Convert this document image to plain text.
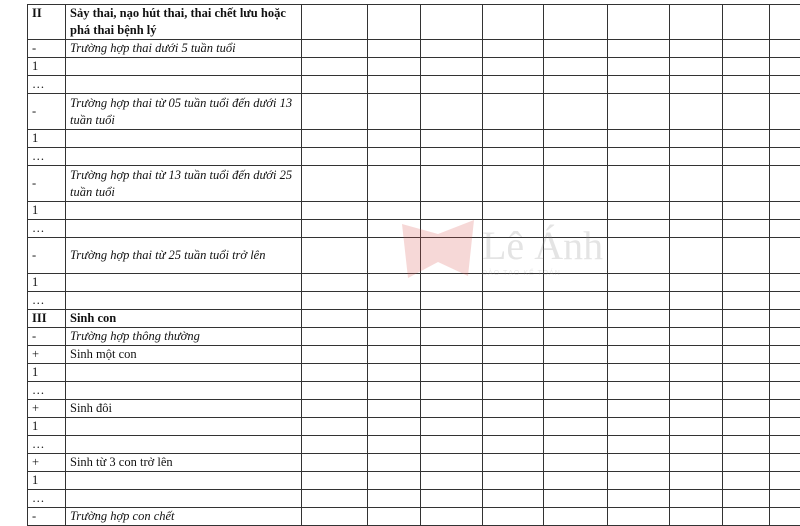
II	Sảy thai, nạo hút thai, thai chết lưu hoặc phá thai bệnh lý									
-	Trường hợp thai dưới 5 tuần tuổi									
1										
…										
-	Trường hợp thai từ 05 tuần tuổi đến dưới 13 tuần tuổi									
1										
…										
-	Trường hợp thai từ 13 tuần tuổi đến dưới 25 tuần tuổi									
1										
…										
-	Trường hợp thai từ 25 tuần tuổi trở lên									
1										
…										
III	Sinh con									
-	Trường hợp thông thường									
+	Sinh một con									
1										
…										
+	Sinh đôi									
1										
…										
+	Sinh từ 3 con trở lên									
1										
…										
-	Trường hợp con chết									
Lê Ánh
ĐÀO TẠO KẾ TOÁN
